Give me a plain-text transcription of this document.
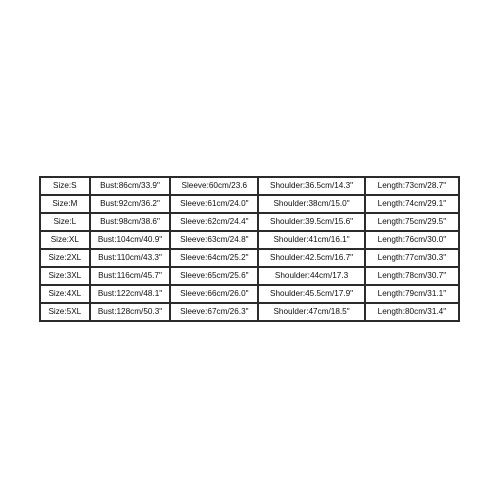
Size:S	Bust:86cm/33.9"	Sleeve:60cm/23.6	Shoulder:36.5cm/14.3"	Length:73cm/28.7"
Size:M	Bust:92cm/36.2"	Sleeve:61cm/24.0"	Shoulder:38cm/15.0"	Length:74cm/29.1"
Size:L	Bust:98cm/38.6"	Sleeve:62cm/24.4"	Shoulder:39.5cm/15.6"	Length:75cm/29.5"
Size:XL	Bust:104cm/40.9"	Sleeve:63cm/24.8"	Shoulder:41cm/16.1"	Length:76cm/30.0"
Size:2XL	Bust:110cm/43.3"	Sleeve:64cm/25.2"	Shoulder:42.5cm/16.7"	Length:77cm/30.3"
Size:3XL	Bust:116cm/45.7"	Sleeve:65cm/25.6"	Shoulder:44cm/17.3	Length:78cm/30.7"
Size:4XL	Bust:122cm/48.1"	Sleeve:66cm/26.0"	Shoulder:45.5cm/17.9"	Length:79cm/31.1"
Size:5XL	Bust:128cm/50.3"	Sleeve:67cm/26.3"	Shoulder:47cm/18.5"	Length:80cm/31.4"
